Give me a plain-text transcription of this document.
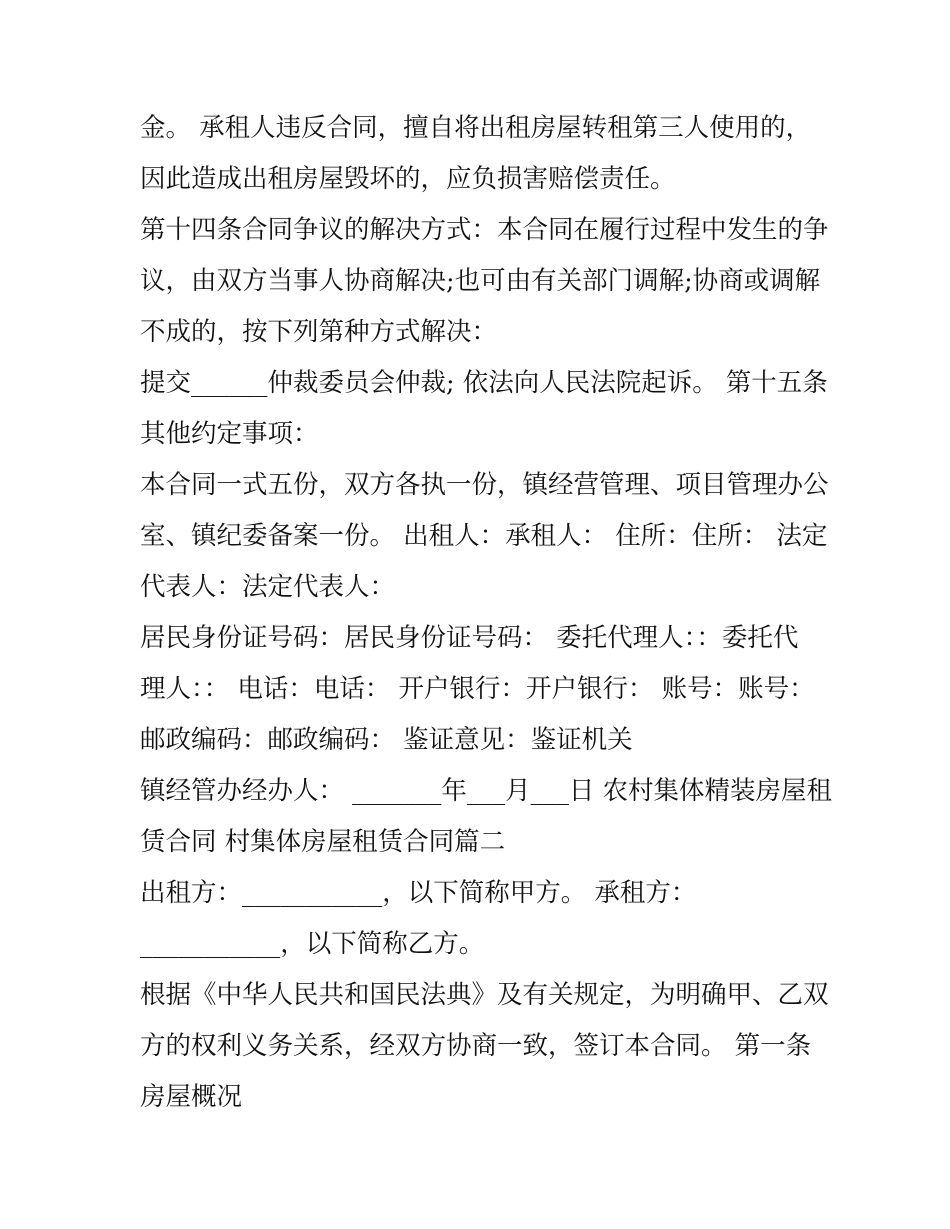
金。 承租人违反合同，擅自将出租房屋转租第三人使用的，
因此造成出租房屋毁坏的，应负损害赔偿责任。
第十四条合同争议的解决方式：本合同在履行过程中发生的争
议，由双方当事人协商解决;也可由有关部门调解;协商或调解
不成的，按下列第种方式解决：
提交______仲裁委员会仲裁; 依法向人民法院起诉。 第十五条
其他约定事项：
本合同一式五份，双方各执一份，镇经营管理、项目管理办公
室、镇纪委备案一份。 出租人：承租人： 住所：住所： 法定
代表人：法定代表人：
居民身份证号码：居民身份证号码： 委托代理人：：委托代
理人：： 电话：电话： 开户银行：开户银行： 账号：账号：
邮政编码：邮政编码： 鉴证意见：鉴证机关
镇经管办经办人： _______年___月___日 农村集体精装房屋租
赁合同 村集体房屋租赁合同篇二
出租方：___________，以下简称甲方。 承租方：
___________，以下简称乙方。
根据《中华人民共和国民法典》及有关规定，为明确甲、乙双
方的权利义务关系，经双方协商一致，签订本合同。 第一条
房屋概况
